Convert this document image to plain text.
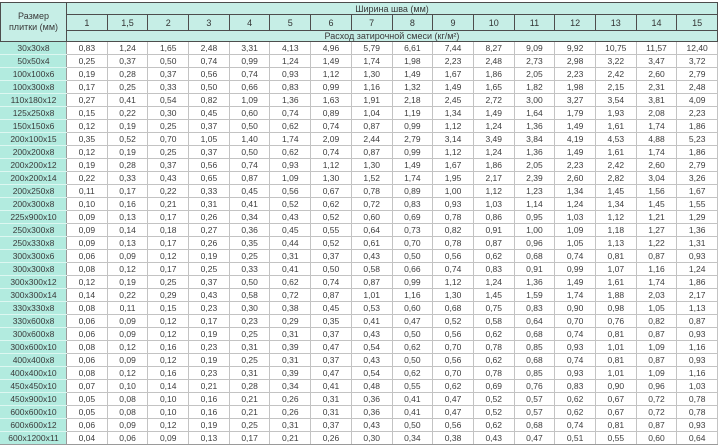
Размер плитки (мм)	Ширина шва (мм)															
	1	1,5	2	3	4	5	6	7	8	9	10	11	12	13	14	15
	Расход затирочной смеси (кг/м²)															
30x30x8	0,83	1,24	1,65	2,48	3,31	4,13	4,96	5,79	6,61	7,44	8,27	9,09	9,92	10,75	11,57	12,40
50x50x4	0,25	0,37	0,50	0,74	0,99	1,24	1,49	1,74	1,98	2,23	2,48	2,73	2,98	3,22	3,47	3,72
100x100x6	0,19	0,28	0,37	0,56	0,74	0,93	1,12	1,30	1,49	1,67	1,86	2,05	2,23	2,42	2,60	2,79
100x300x8	0,17	0,25	0,33	0,50	0,66	0,83	0,99	1,16	1,32	1,49	1,65	1,82	1,98	2,15	2,31	2,48
110x180x12	0,27	0,41	0,54	0,82	1,09	1,36	1,63	1,91	2,18	2,45	2,72	3,00	3,27	3,54	3,81	4,09
125x250x8	0,15	0,22	0,30	0,45	0,60	0,74	0,89	1,04	1,19	1,34	1,49	1,64	1,79	1,93	2,08	2,23
150x150x6	0,12	0,19	0,25	0,37	0,50	0,62	0,74	0,87	0,99	1,12	1,24	1,36	1,49	1,61	1,74	1,86
200x100x15	0,35	0,52	0,70	1,05	1,40	1,74	2,09	2,44	2,79	3,14	3,49	3,84	4,19	4,53	4,88	5,23
200x200x8	0,12	0,19	0,25	0,37	0,50	0,62	0,74	0,87	0,99	1,12	1,24	1,36	1,49	1,61	1,74	1,86
200x200x12	0,19	0,28	0,37	0,56	0,74	0,93	1,12	1,30	1,49	1,67	1,86	2,05	2,23	2,42	2,60	2,79
200x200x14	0,22	0,33	0,43	0,65	0,87	1,09	1,30	1,52	1,74	1,95	2,17	2,39	2,60	2,82	3,04	3,26
200x250x8	0,11	0,17	0,22	0,33	0,45	0,56	0,67	0,78	0,89	1,00	1,12	1,23	1,34	1,45	1,56	1,67
200x300x8	0,10	0,16	0,21	0,31	0,41	0,52	0,62	0,72	0,83	0,93	1,03	1,14	1,24	1,34	1,45	1,55
225x900x10	0,09	0,13	0,17	0,26	0,34	0,43	0,52	0,60	0,69	0,78	0,86	0,95	1,03	1,12	1,21	1,29
250x300x8	0,09	0,14	0,18	0,27	0,36	0,45	0,55	0,64	0,73	0,82	0,91	1,00	1,09	1,18	1,27	1,36
250x330x8	0,09	0,13	0,17	0,26	0,35	0,44	0,52	0,61	0,70	0,78	0,87	0,96	1,05	1,13	1,22	1,31
300x300x6	0,06	0,09	0,12	0,19	0,25	0,31	0,37	0,43	0,50	0,56	0,62	0,68	0,74	0,81	0,87	0,93
300x300x8	0,08	0,12	0,17	0,25	0,33	0,41	0,50	0,58	0,66	0,74	0,83	0,91	0,99	1,07	1,16	1,24
300x300x12	0,12	0,19	0,25	0,37	0,50	0,62	0,74	0,87	0,99	1,12	1,24	1,36	1,49	1,61	1,74	1,86
300x300x14	0,14	0,22	0,29	0,43	0,58	0,72	0,87	1,01	1,16	1,30	1,45	1,59	1,74	1,88	2,03	2,17
330x330x8	0,08	0,11	0,15	0,23	0,30	0,38	0,45	0,53	0,60	0,68	0,75	0,83	0,90	0,98	1,05	1,13
330x600x8	0,06	0,09	0,12	0,17	0,23	0,29	0,35	0,41	0,47	0,52	0,58	0,64	0,70	0,76	0,82	0,87
300x600x8	0,06	0,09	0,12	0,19	0,25	0,31	0,37	0,43	0,50	0,56	0,62	0,68	0,74	0,81	0,87	0,93
300x600x10	0,08	0,12	0,16	0,23	0,31	0,39	0,47	0,54	0,62	0,70	0,78	0,85	0,93	1,01	1,09	1,16
400x400x8	0,06	0,09	0,12	0,19	0,25	0,31	0,37	0,43	0,50	0,56	0,62	0,68	0,74	0,81	0,87	0,93
400x400x10	0,08	0,12	0,16	0,23	0,31	0,39	0,47	0,54	0,62	0,70	0,78	0,85	0,93	1,01	1,09	1,16
450x450x10	0,07	0,10	0,14	0,21	0,28	0,34	0,41	0,48	0,55	0,62	0,69	0,76	0,83	0,90	0,96	1,03
450x900x10	0,05	0,08	0,10	0,16	0,21	0,26	0,31	0,36	0,41	0,47	0,52	0,57	0,62	0,67	0,72	0,78
600x600x10	0,05	0,08	0,10	0,16	0,21	0,26	0,31	0,36	0,41	0,47	0,52	0,57	0,62	0,67	0,72	0,78
600x600x12	0,06	0,09	0,12	0,19	0,25	0,31	0,37	0,43	0,50	0,56	0,62	0,68	0,74	0,81	0,87	0,93
600x1200x11	0,04	0,06	0,09	0,13	0,17	0,21	0,26	0,30	0,34	0,38	0,43	0,47	0,51	0,55	0,60	0,64
